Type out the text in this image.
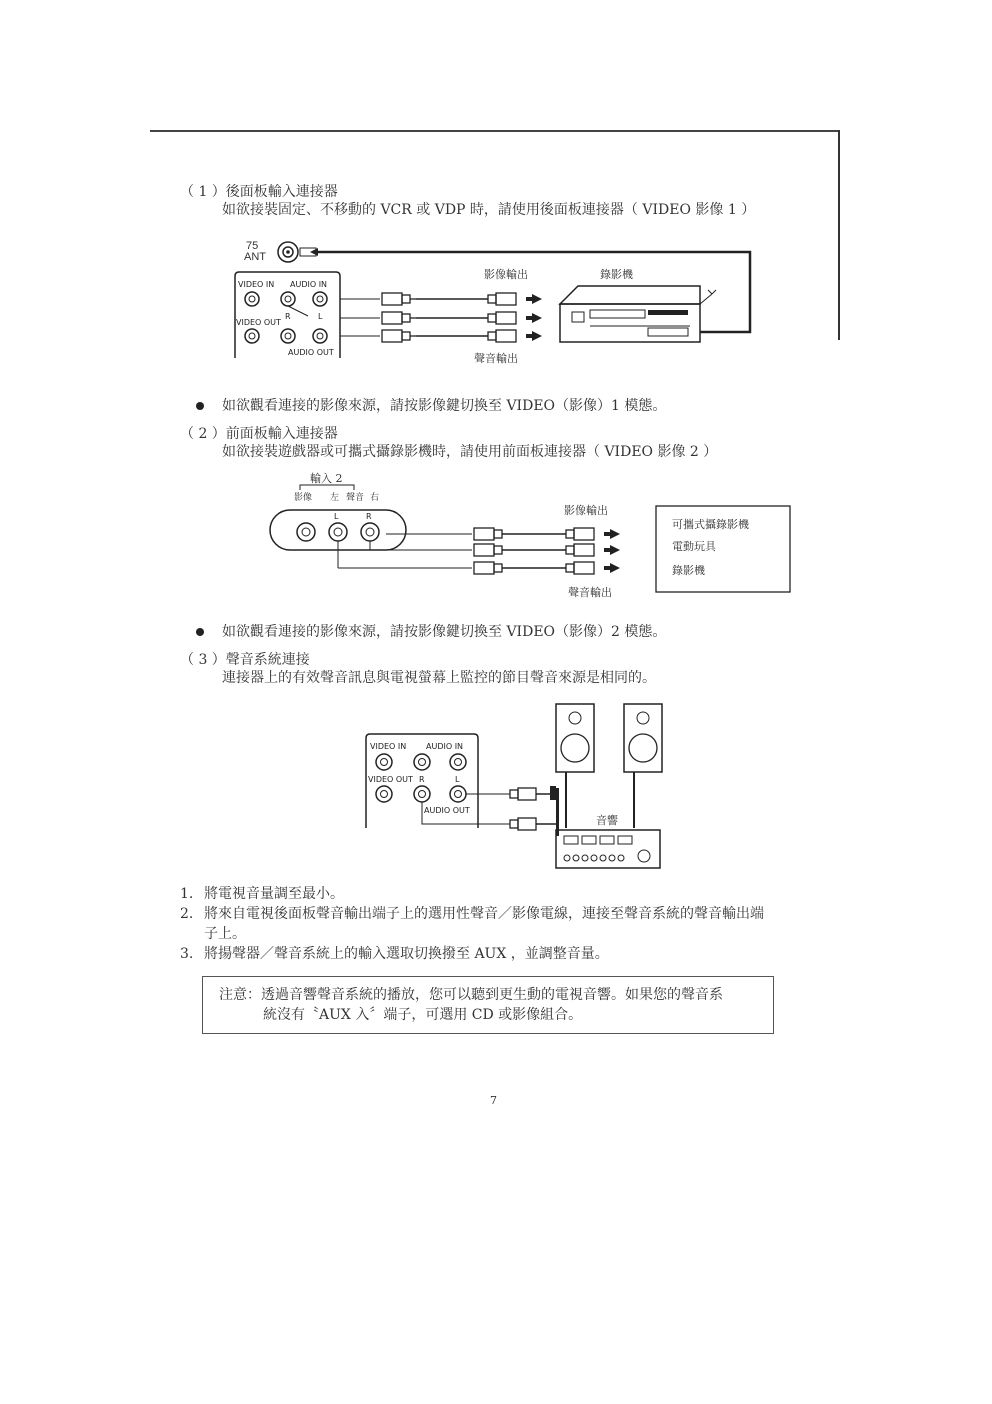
（ 1 ）後面板輸入連接器
如欲接裝固定、不移動的 VCR 或 VDP 時，請使用後面板連接器（ VIDEO 影像 1 ）
75
ANT
VIDEO IN AUDIO IN
VIDEO OUT
R	L
AUDIO OUT
影像輸出	錄影機
聲音輸出
如欲觀看連接的影像來源，請按影像鍵切換至 VIDEO（影像）1 模態。
（ 2 ）前面板輸入連接器
如欲接裝遊戲器或可攜式攝錄影機時，請使用前面板連接器（ VIDEO 影像 2 ）
輸入 2
影像 左 聲音 右
L	R	影像輸出
聲音輸出
可攜式攝錄影機
電動玩具
錄影機
如欲觀看連接的影像來源，請按影像鍵切換至 VIDEO（影像）2 模態。
（ 3 ）聲音系統連接
連接器上的有效聲音訊息與電視螢幕上監控的節目聲音來源是相同的。
VIDEO IN AUDIO IN
VIDEO OUT R	L
AUDIO OUT
音響
1. 將電視音量調至最小。
2. 將來自電視後面板聲音輸出端子上的選用性聲音／影像電線，連接至聲音系統的聲音輸出端
子上。
3. 將揚聲器／聲音系統上的輸入選取切換撥至 AUX ，並調整音量。
注意：透過音響聲音系統的播放，您可以聽到更生動的電視音響。如果您的聲音系
統沒有〝AUX 入〞端子，可選用 CD 或影像組合。
7
